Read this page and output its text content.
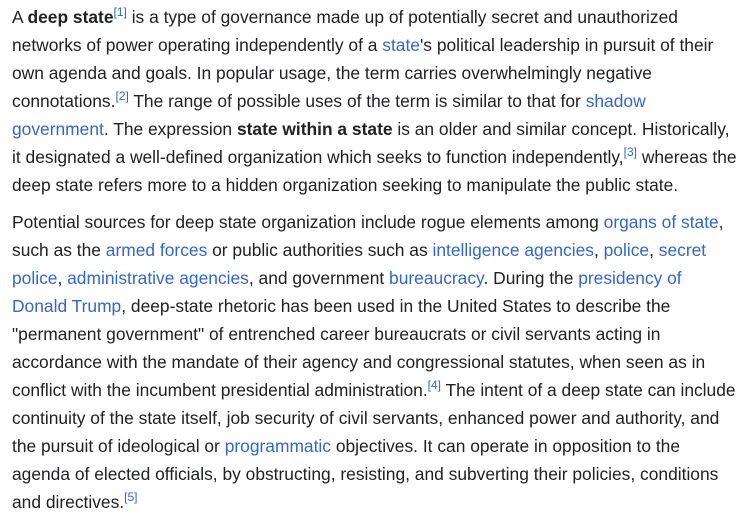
A deep state[1] is a type of governance made up of potentially secret and unauthorized networks of power operating independently of a state's political leadership in pursuit of their own agenda and goals. In popular usage, the term carries overwhelmingly negative connotations.[2] The range of possible uses of the term is similar to that for shadow government. The expression state within a state is an older and similar concept. Historically, it designated a well-defined organization which seeks to function independently,[3] whereas the deep state refers more to a hidden organization seeking to manipulate the public state.

Potential sources for deep state organization include rogue elements among organs of state, such as the armed forces or public authorities such as intelligence agencies, police, secret police, administrative agencies, and government bureaucracy. During the presidency of Donald Trump, deep-state rhetoric has been used in the United States to describe the "permanent government" of entrenched career bureaucrats or civil servants acting in accordance with the mandate of their agency and congressional statutes, when seen as in conflict with the incumbent presidential administration.[4] The intent of a deep state can include continuity of the state itself, job security of civil servants, enhanced power and authority, and the pursuit of ideological or programmatic objectives. It can operate in opposition to the agenda of elected officials, by obstructing, resisting, and subverting their policies, conditions and directives.[5]
